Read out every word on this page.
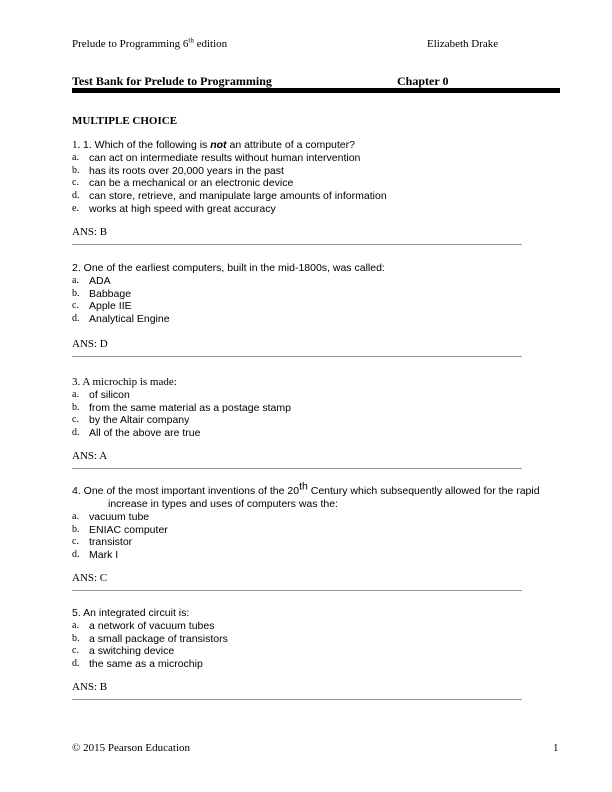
Prelude to Programming 6th edition	Elizabeth Drake
Test Bank for Prelude to Programming	Chapter 0
MULTIPLE CHOICE
1. 1. Which of the following is not an attribute of a computer?
a. can act on intermediate results without human intervention
b. has its roots over 20,000 years in the past
c. can be a mechanical or an electronic device
d. can store, retrieve, and manipulate large amounts of information
e. works at high speed with great accuracy
ANS: B
2. One of the earliest computers, built in the mid-1800s, was called:
a. ADA
b. Babbage
c. Apple IIE
d. Analytical Engine
ANS: D
3. A microchip is made:
a. of silicon
b. from the same material as a postage stamp
c. by the Altair company
d. All of the above are true
ANS: A
4. One of the most important inventions of the 20th Century which subsequently allowed for the rapid
increase in types and uses of computers was the:
a. vacuum tube
b. ENIAC computer
c. transistor
d. Mark I
ANS: C
5. An integrated circuit is:
a. a network of vacuum tubes
b. a small package of transistors
c. a switching device
d. the same as a microchip
ANS: B
© 2015 Pearson Education	1
